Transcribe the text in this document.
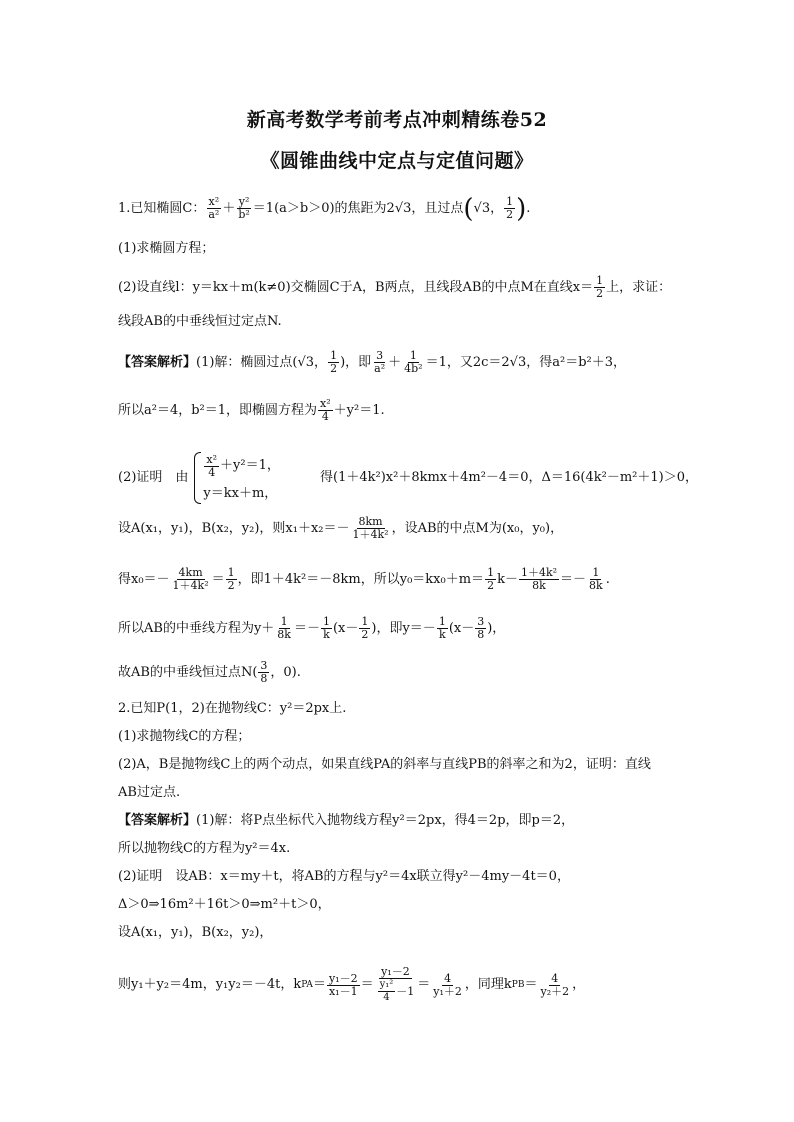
新高考数学考前考点冲刺精练卷52
《圆锥曲线中定点与定值问题》
1.已知椭圆C： $\frac{\text{x²}}{\text{a²}} + \frac{\text{y²}}{\text{b²}} =1(a>b>0)$的焦距为2√3，且过点 ( √3 ， $\frac{1}{2}$ ) .
(1)求椭圆方程；
(2)设直线l：y＝kx＋m(k≠0)交椭圆C于A，B两点，且线段AB的中点M在直线$x= \frac{1}{2}$ 上，求证：
线段AB的中垂线恒过定点N.
【答案解析】 (1)解：椭圆过点(√3， $\frac{1}{2}$ )，即 $\frac{3}{\text{a²}} + \frac{1}{\text{4b²}} =1$，又2c＝2√3，得a²＝b²＋3，
所以a²＝4，b²＝1，即椭圆方程为 $\frac{\text{x²}}{4} +y^2=1$.
(2)证明　由 $\frac{\text{x²}}{4} +y^2=1$，
y＝kx＋m，
得(1＋4k²)x²＋8kmx＋4m²－4＝0，Δ＝16(4k²－m²＋1)＞0，
设A(x₁，y₁)，B(x₂，y₂)，则$x_1+x_2=- \frac{8km}{\text{1＋4k²}}$ ，设AB的中点M为(x₀，y₀)，
得$x_0=- \frac{4km}{\text{1＋4k²}} = \frac{1}{2}$ ，即1＋4k²＝－8km，所以$y_0=kx_0+m= \frac{1}{2} k- \frac{\text{1＋4k²}}{8k} =- \frac{1}{8k}$ .
所以AB的中垂线方程为$y+ \frac{1}{8k} =- \frac{1}{k} (x- \frac{1}{2}$ )，即$y=- \frac{1}{k} (x- \frac{3}{8}$ )，
故AB的中垂线恒过点$N( \frac{3}{8}$ ，0).
2.已知P(1，2)在抛物线C：y²＝2px上.
(1)求抛物线C的方程；
(2)A，B是抛物线C上的两个动点，如果直线PA的斜率与直线PB的斜率之和为2，证明：直线
AB过定点.
【答案解析】 (1)解：将P点坐标代入抛物线方程y²＝2px，得4＝2p，即p＝2，
所以抛物线C的方程为y²＝4x.
(2)证明　设AB：x＝my＋t，将AB的方程与y²＝4x联立得y²－4my－4t＝0，
Δ＞0⇒16m²＋16t＞0⇒m²＋t＞0，
设A(x₁，y₁)，B(x₂，y₂)，
则y₁＋y₂＝4m，y₁y₂＝－4t，k PA ＝ $\frac{\text{y₁－2}}{\text{x₁－1}} = \frac{\text{y₁－2}}{\frac{\text{y₁²}}{4} -1} = \frac{4}{\text{y₁＋2}}$ ，同理k PB ＝ $\frac{4}{\text{y₂＋2}}$ ，
